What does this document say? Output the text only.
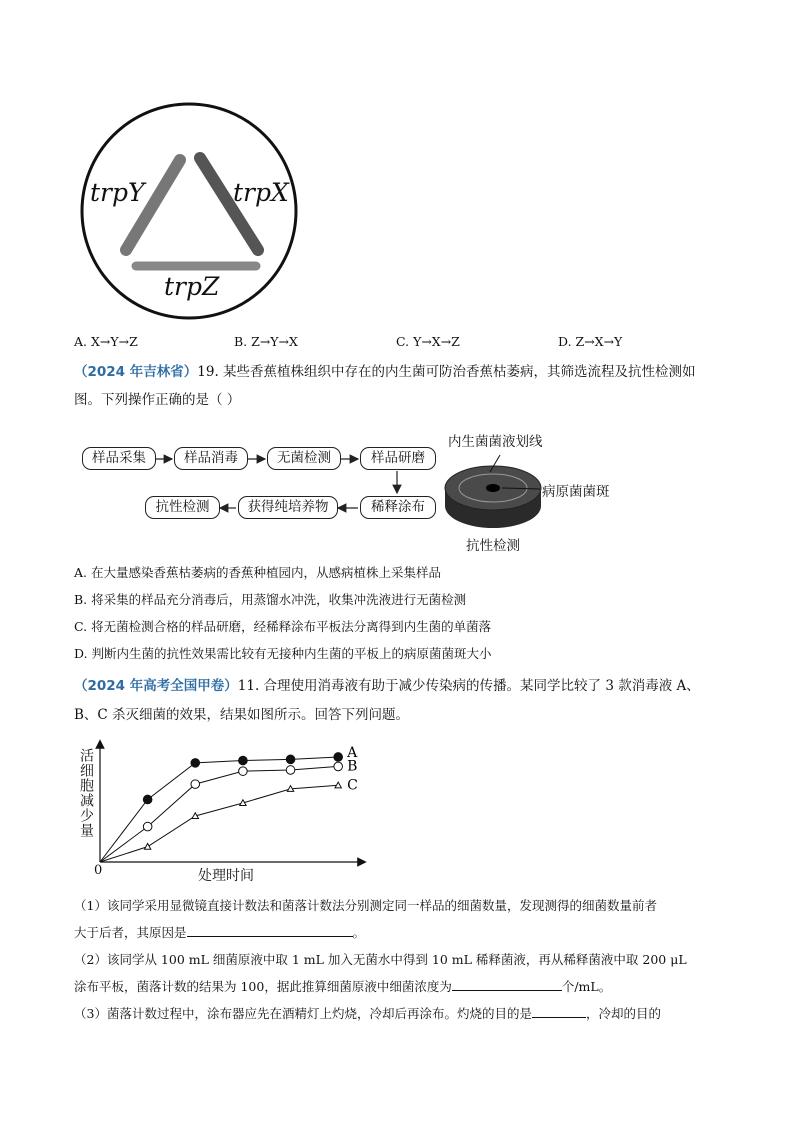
trpY	trpX
trpZ
A. X→Y→Z	B. Z→Y→X	C. Y→X→Z	D. Z→X→Y
（2024 年吉林省）19. 某些香蕉植株组织中存在的内生菌可防治香蕉枯萎病，其筛选流程及抗性检测如
图。下列操作正确的是（ ）
样品采集	样品消毒	无菌检测	样品研磨
稀释涂布
获得纯培养物
抗性检测
内生菌菌液划线
病原菌菌斑
抗性检测
A. 在大量感染香蕉枯萎病的香蕉种植园内，从感病植株上采集样品
B. 将采集的样品充分消毒后，用蒸馏水冲洗，收集冲洗液进行无菌检测
C. 将无菌检测合格的样品研磨，经稀释涂布平板法分离得到内生菌的单菌落
D. 判断内生菌的抗性效果需比较有无接种内生菌的平板上的病原菌菌斑大小
（2024 年高考全国甲卷）11. 合理使用消毒液有助于减少传染病的传播。某同学比较了 3 款消毒液 A、
B、C 杀灭细菌的效果，结果如图所示。回答下列问题。
A
B
C
活细胞减少量
0	处理时间
（1）该同学采用显微镜直接计数法和菌落计数法分别测定同一样品的细菌数量，发现测得的细菌数量前者
大于后者，其原因是	。
（2）该同学从 100 mL 细菌原液中取 1 mL 加入无菌水中得到 10 mL 稀释菌液，再从稀释菌液中取 200 μL
涂布平板，菌落计数的结果为 100，据此推算细菌原液中细菌浓度为	个/mL。
（3）菌落计数过程中，涂布器应先在酒精灯上灼烧，冷却后再涂布。灼烧的目的是	，冷却的目的
